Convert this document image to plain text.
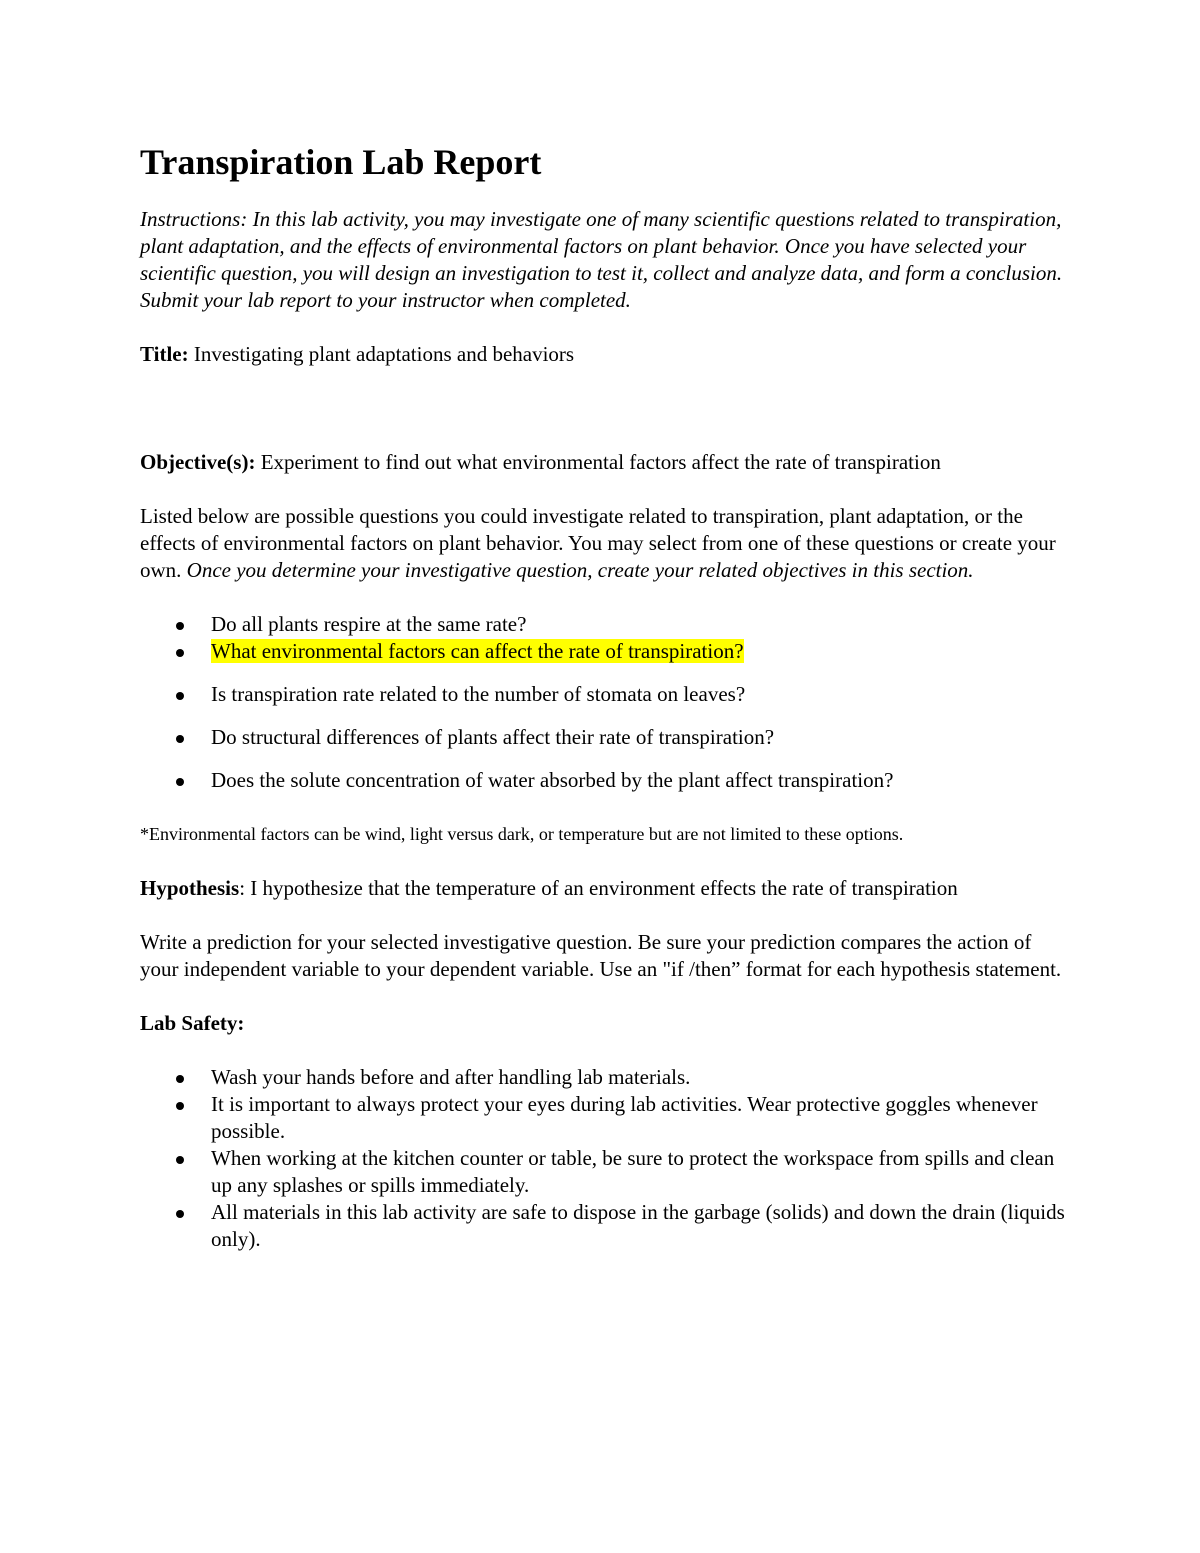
Transpiration Lab Report

Instructions: In this lab activity, you may investigate one of many scientific questions related to transpiration, plant adaptation, and the effects of environmental factors on plant behavior. Once you have selected your scientific question, you will design an investigation to test it, collect and analyze data, and form a conclusion. Submit your lab report to your instructor when completed.

Title: Investigating plant adaptations and behaviors

Objective(s): Experiment to find out what environmental factors affect the rate of transpiration

Listed below are possible questions you could investigate related to transpiration, plant adaptation, or the effects of environmental factors on plant behavior. You may select from one of these questions or create your own. Once you determine your investigative question, create your related objectives in this section.

Do all plants respire at the same rate?
What environmental factors can affect the rate of transpiration?
Is transpiration rate related to the number of stomata on leaves?
Do structural differences of plants affect their rate of transpiration?
Does the solute concentration of water absorbed by the plant affect transpiration?

*Environmental factors can be wind, light versus dark, or temperature but are not limited to these options.

Hypothesis: I hypothesize that the temperature of an environment effects the rate of transpiration

Write a prediction for your selected investigative question. Be sure your prediction compares the action of your independent variable to your dependent variable. Use an "if /then” format for each hypothesis statement.

Lab Safety:

Wash your hands before and after handling lab materials.
It is important to always protect your eyes during lab activities. Wear protective goggles whenever possible.
When working at the kitchen counter or table, be sure to protect the workspace from spills and clean up any splashes or spills immediately.
All materials in this lab activity are safe to dispose in the garbage (solids) and down the drain (liquids only).
